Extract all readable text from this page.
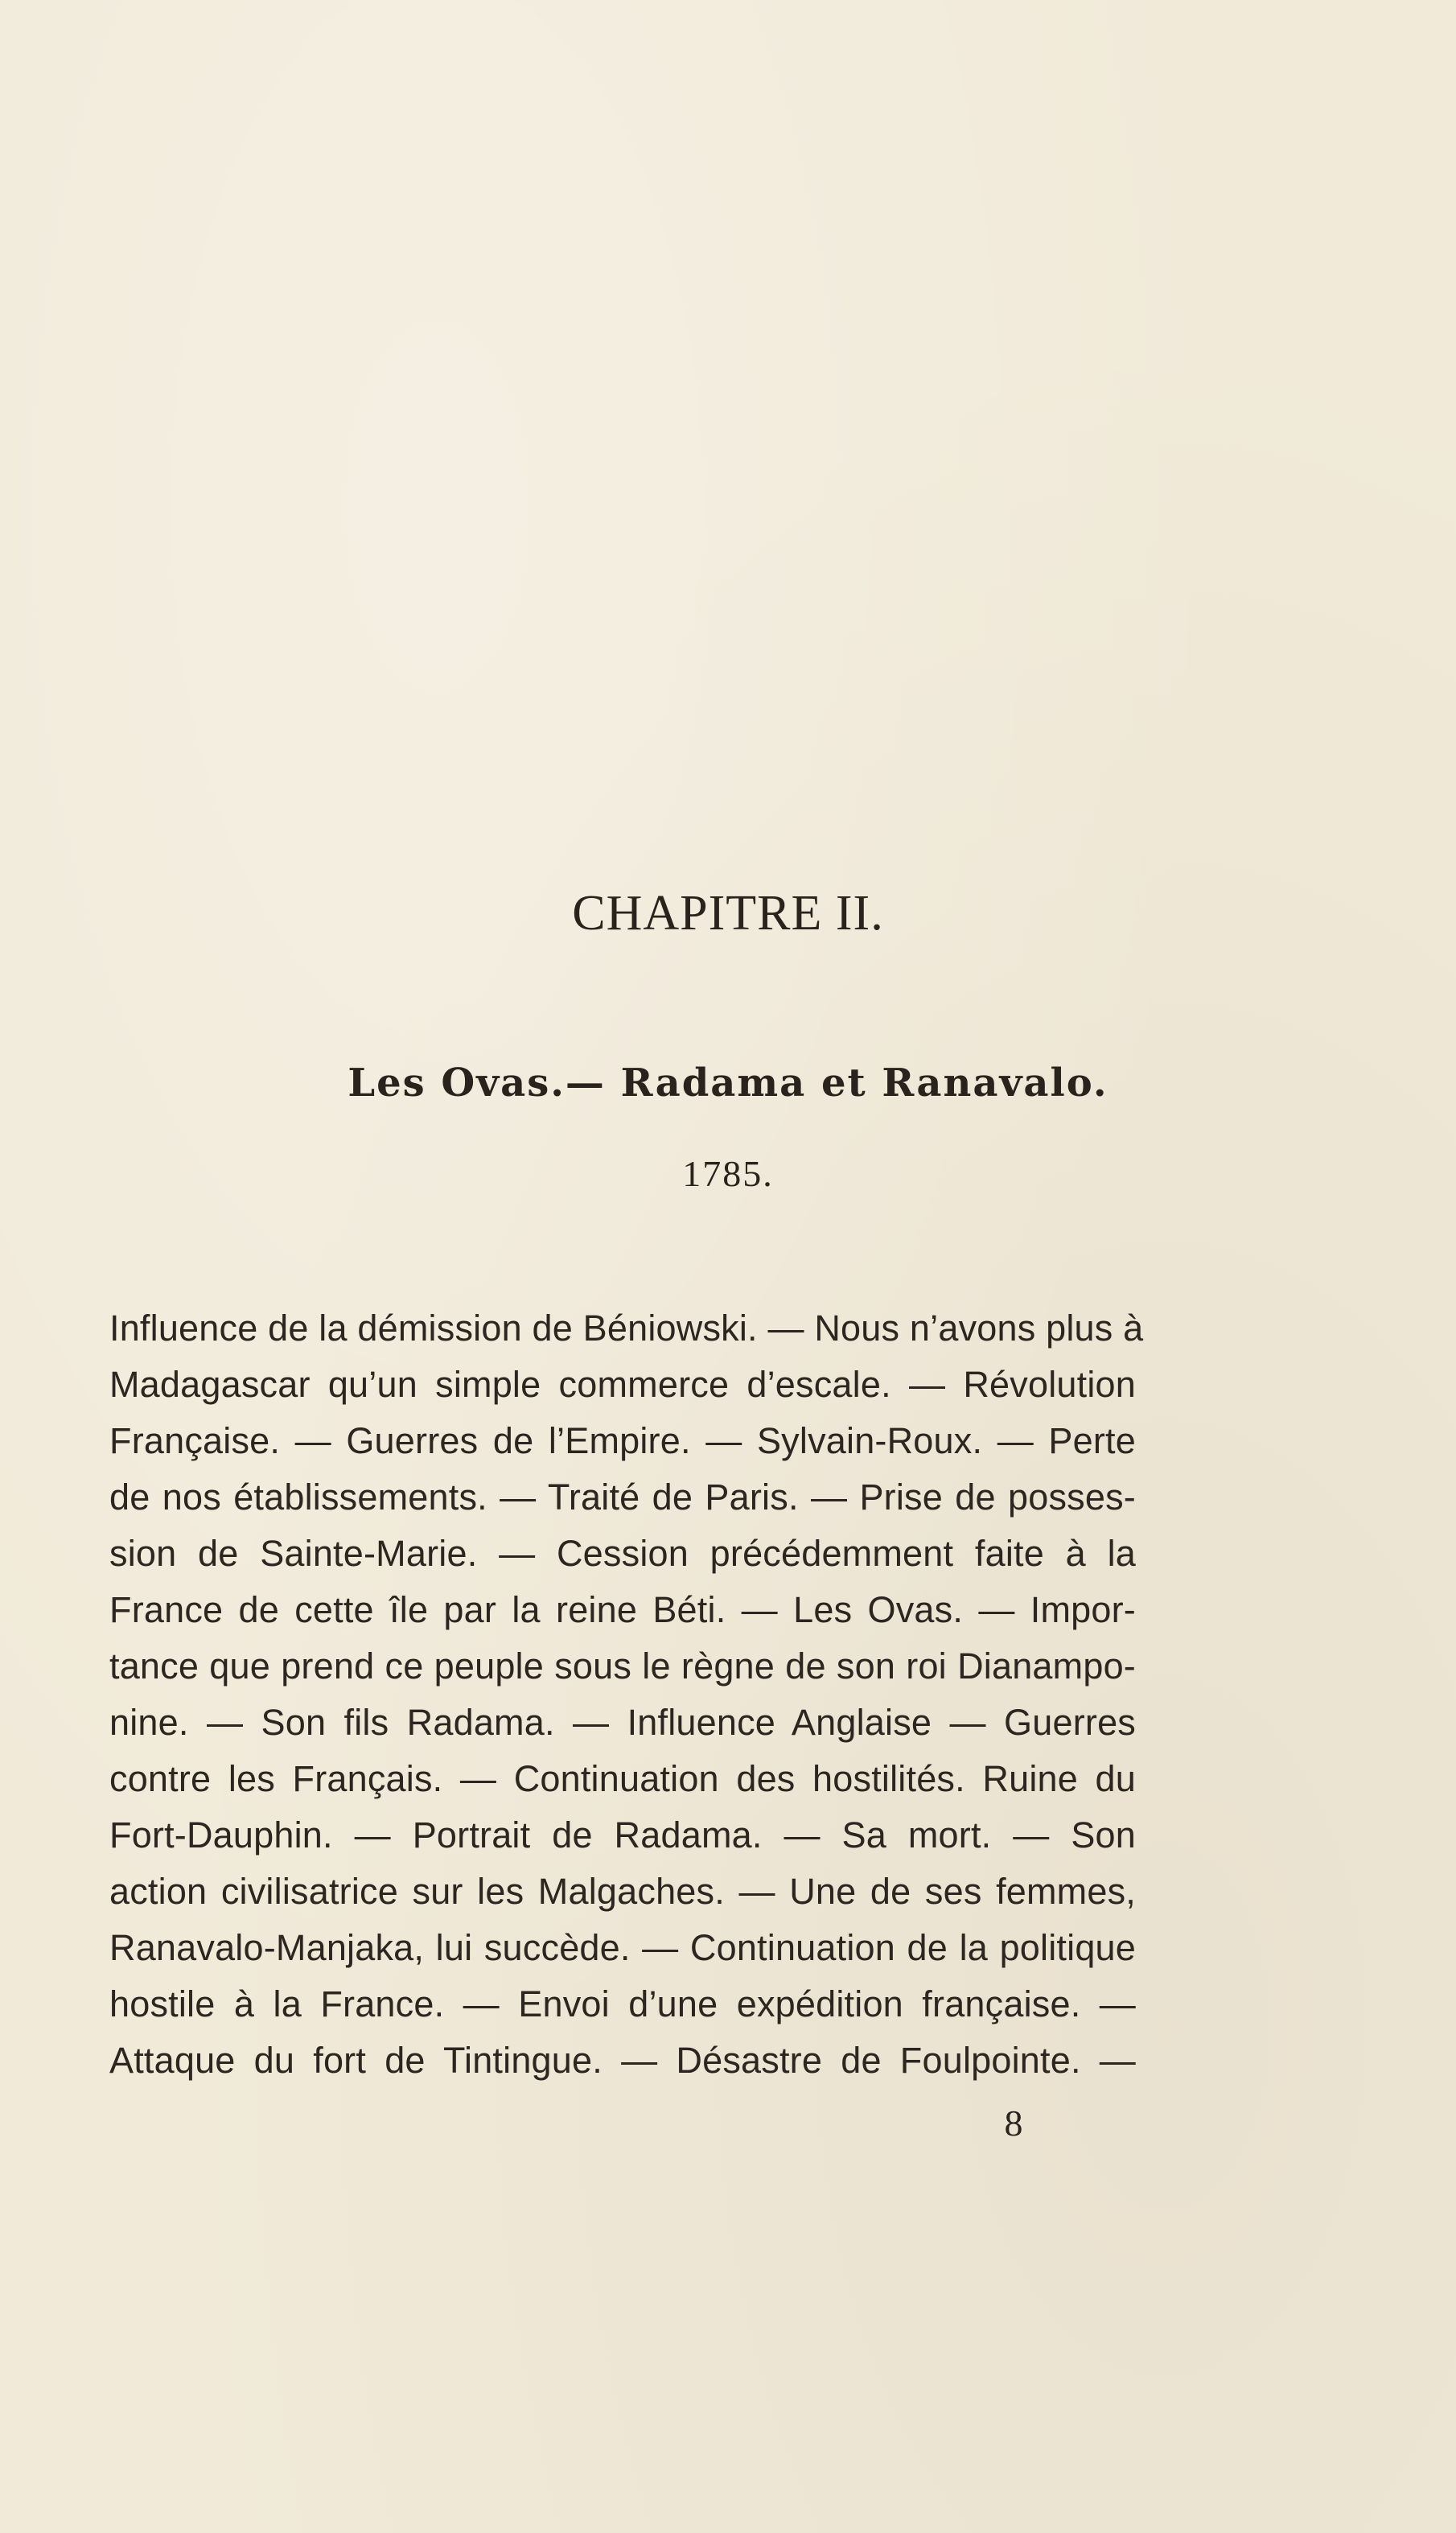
CHAPITRE II.
Les Ovas.— Radama et Ranavalo.
1785.
Influence de la démission de Béniowski. — Nous n’avons plus à
Madagascar qu’un simple commerce d’escale. — Révolution
Française. — Guerres de l’Empire. — Sylvain-Roux. — Perte
de nos établissements. — Traité de Paris. — Prise de posses-
sion de Sainte-Marie. — Cession précédemment faite à la
France de cette île par la reine Béti. — Les Ovas. — Impor-
tance que prend ce peuple sous le règne de son roi Dianampo-
nine. — Son fils Radama. — Influence Anglaise — Guerres
contre les Français. — Continuation des hostilités. Ruine du
Fort-Dauphin. — Portrait de Radama. — Sa mort. — Son
action civilisatrice sur les Malgaches. — Une de ses femmes,
Ranavalo-Manjaka, lui succède. — Continuation de la politique
hostile à la France. — Envoi d’une expédition française. —
Attaque du fort de Tintingue. — Désastre de Foulpointe. —
8
